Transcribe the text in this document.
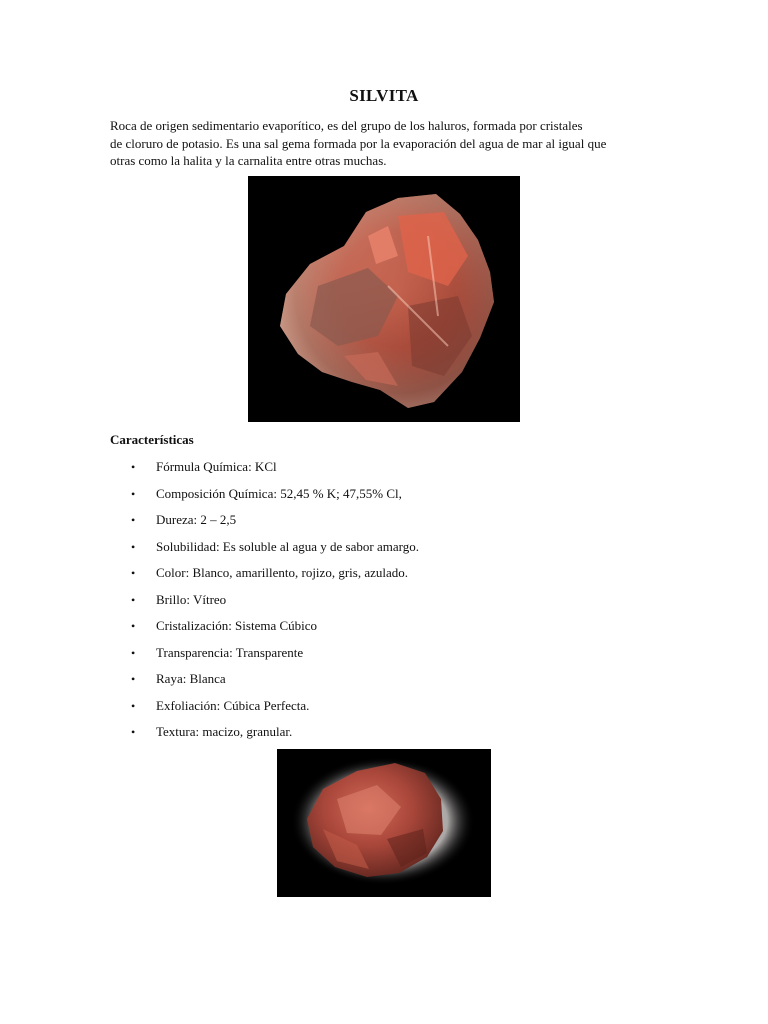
SILVITA
Roca de origen sedimentario evaporítico, es del grupo de los haluros, formada por cristales
de cloruro de potasio. Es una sal gema formada por la evaporación del agua de mar al igual que
otras como la halita y la carnalita entre otras muchas.
Características
• Fórmula Química: KCl
• Composición Química: 52,45 % K; 47,55% Cl,
• Dureza: 2 – 2,5
• Solubilidad: Es soluble al agua y de sabor amargo.
• Color: Blanco, amarillento, rojizo, gris, azulado.
• Brillo: Vítreo
• Cristalización: Sistema Cúbico
• Transparencia: Transparente
• Raya: Blanca
• Exfoliación: Cúbica Perfecta.
• Textura: macizo, granular.
